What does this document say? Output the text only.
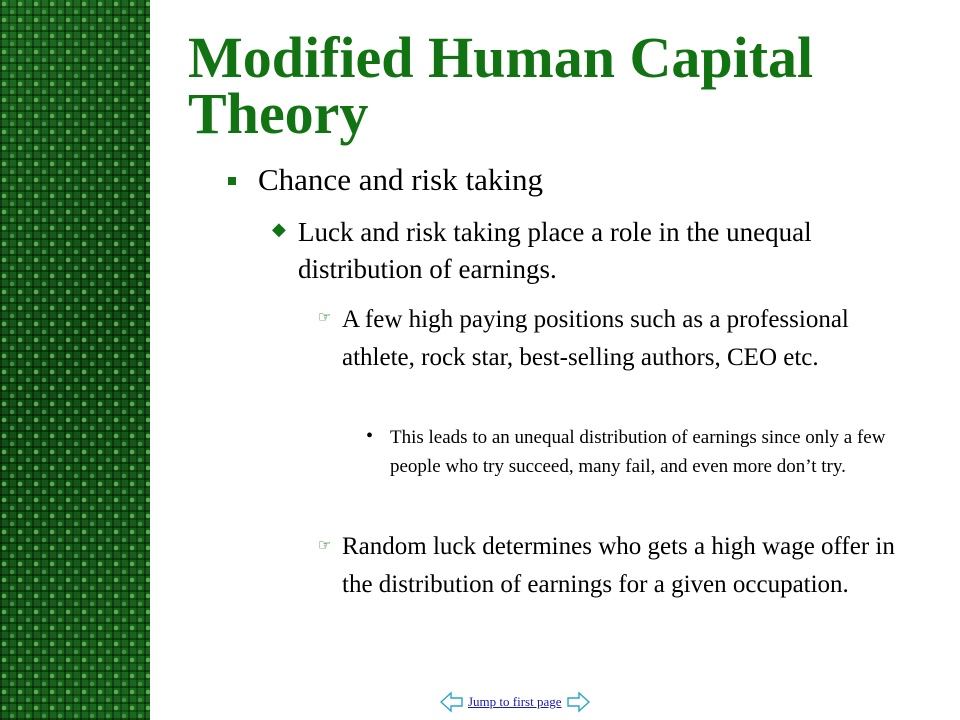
Modified Human Capital Theory
Chance and risk taking
◆ Luck and risk taking place a role in the unequal distribution of earnings.
☞ A few high paying positions such as a professional athlete, rock star, best-selling authors, CEO etc.
• This leads to an unequal distribution of earnings since only a few people who try succeed, many fail, and even more don’t try.
☞ Random luck determines who gets a high wage offer in the distribution of earnings for a given occupation.
Jump to first page
